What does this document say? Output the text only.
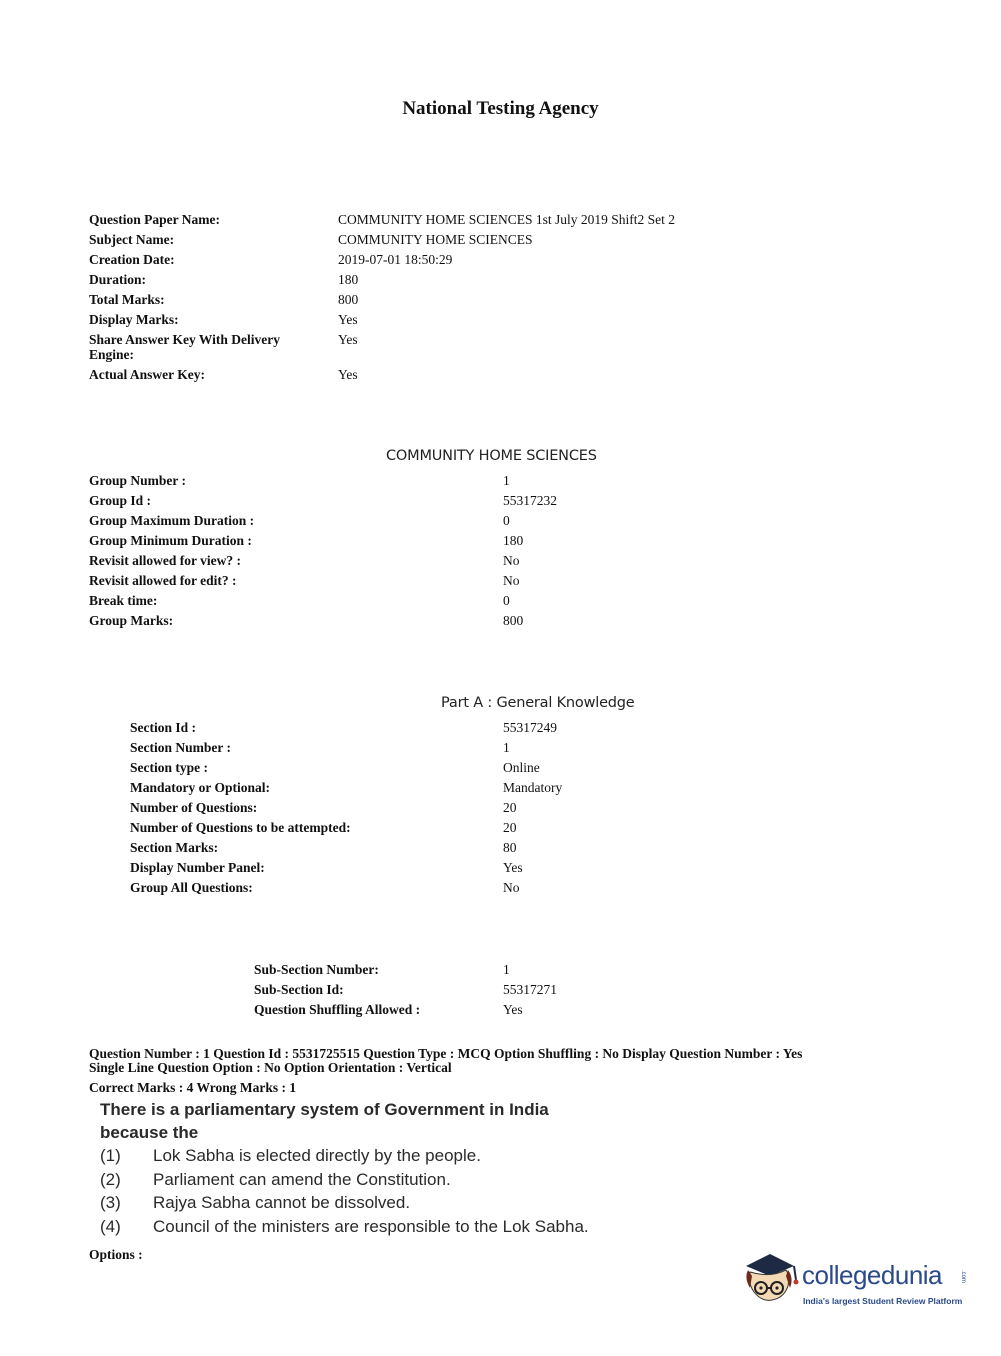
National Testing Agency
Question Paper Name:	COMMUNITY HOME SCIENCES 1st July 2019 Shift2 Set 2
Subject Name:	COMMUNITY HOME SCIENCES
Creation Date:	2019-07-01 18:50:29
Duration:	180
Total Marks:	800
Display Marks:	Yes
Share Answer Key With Delivery Engine:
Yes
Actual Answer Key:	Yes
COMMUNITY HOME SCIENCES
Group Number :	1
Group Id :	55317232
Group Maximum Duration :	0
Group Minimum Duration :	180
Revisit allowed for view? :	No
Revisit allowed for edit? :	No
Break time:	0
Group Marks:	800
Part A : General Knowledge
Section Id :	55317249
Section Number :	1
Section type :	Online
Mandatory or Optional:	Mandatory
Number of Questions:	20
Number of Questions to be attempted:	20
Section Marks:	80
Display Number Panel:	Yes
Group All Questions:	No
Sub-Section Number:	1
Sub-Section Id:	55317271
Question Shuffling Allowed :	Yes
Question Number : 1 Question Id : 5531725515 Question Type : MCQ Option Shuffling : No Display Question Number : Yes
Single Line Question Option : No Option Orientation : Vertical
Correct Marks : 4 Wrong Marks : 1
There is a parliamentary system of Government in India
because the
(1) Lok Sabha is elected directly by the people.
(2) Parliament can amend the Constitution.
(3) Rajya Sabha cannot be dissolved.
(4) Council of the ministers are responsible to the Lok Sabha.
Options :
collegedunia	.com
India's largest Student Review Platform
